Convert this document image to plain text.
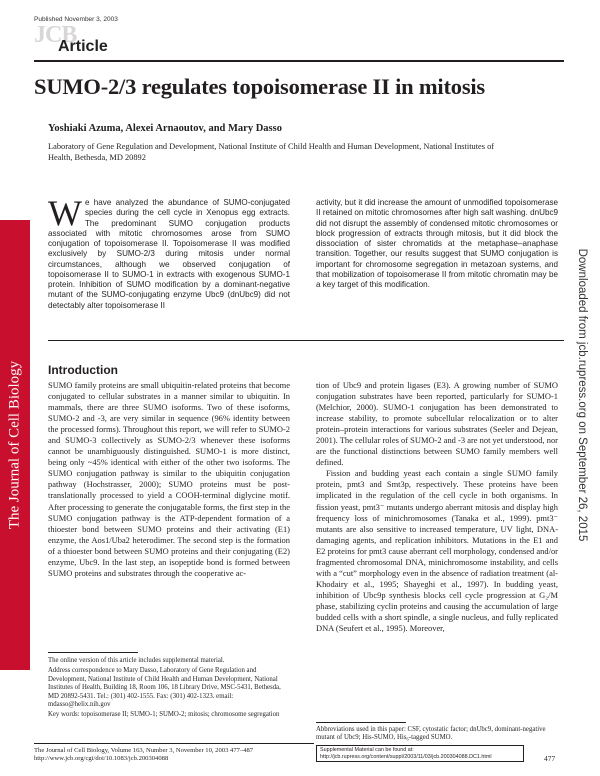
Published November 3, 2003
JCB
Article
SUMO-2/3 regulates topoisomerase II in mitosis
Yoshiaki Azuma, Alexei Arnaoutov, and Mary Dasso
Laboratory of Gene Regulation and Development, National Institute of Child Health and Human Development, National Institutes of Health, Bethesda, MD 20892
The Journal of Cell Biology	Downloaded from jcb.rupress.org on September 26, 2015

We have analyzed the abundance of SUMO-conjugated species during the cell cycle in Xenopus egg extracts. The predominant SUMO conjugation products associated with mitotic chromosomes arose from SUMO conjugation of topoisomerase II. Topoisomerase II was modified exclusively by SUMO-2/3 during mitosis under normal circumstances, although we observed conjugation of topoisomerase II to SUMO-1 in extracts with exogenous SUMO-1 protein. Inhibition of SUMO modification by a dominant-negative mutant of the SUMO-conjugating enzyme Ubc9 (dnUbc9) did not detectably alter topoisomerase II

activity, but it did increase the amount of unmodified topoisomerase II retained on mitotic chromosomes after high salt washing. dnUbc9 did not disrupt the assembly of condensed mitotic chromosomes or block progression of extracts through mitosis, but it did block the dissociation of sister chromatids at the metaphase–anaphase transition. Together, our results suggest that SUMO conjugation is important for chromosome segregation in metazoan systems, and that mobilization of topoisomerase II from mitotic chromatin may be a key target of this modification.

Introduction

SUMO family proteins are small ubiquitin-related proteins that become conjugated to cellular substrates in a manner similar to ubiquitin. In mammals, there are three SUMO isoforms. Two of these isoforms, SUMO-2 and -3, are very similar in sequence (96% identity between the processed forms). Throughout this report, we will refer to SUMO-2 and SUMO-3 collectively as SUMO-2/3 whenever these isoforms cannot be unambiguously distinguished. SUMO-1 is more distinct, being only ~45% identical with either of the other two isoforms. The SUMO conjugation pathway is similar to the ubiquitin conjugation pathway (Hochstrasser, 2000); SUMO proteins must be post-translationally processed to yield a COOH-terminal diglycine motif. After processing to generate the conjugatable forms, the first step in the SUMO conjugation pathway is the ATP-dependent formation of a thioester bond between SUMO proteins and their activating (E1) enzyme, the Aos1/Uba2 heterodimer. The second step is the formation of a thioester bond between SUMO proteins and their conjugating (E2) enzyme, Ubc9. In the last step, an isopeptide bond is formed between SUMO proteins and substrates through the cooperative ac-

tion of Ubc9 and protein ligases (E3). A growing number of SUMO conjugation substrates have been reported, particularly for SUMO-1 (Melchior, 2000). SUMO-1 conjugation has been demonstrated to increase stability, to promote subcellular relocalization or to alter protein–protein interactions for various substrates (Seeler and Dejean, 2001). The cellular roles of SUMO-2 and -3 are not yet understood, nor are the functional distinctions between SUMO family members well defined.

Fission and budding yeast each contain a single SUMO family protein, pmt3 and Smt3p, respectively. These proteins have been implicated in the regulation of the cell cycle in both organisms. In fission yeast, pmt3⁻ mutants undergo aberrant mitosis and display high frequency loss of minichromosomes (Tanaka et al., 1999). pmt3⁻ mutants are also sensitive to increased temperature, UV light, DNA-damaging agents, and replication inhibitors. Mutations in the E1 and E2 proteins for pmt3 cause aberrant cell morphology, condensed and/or fragmented chromosomal DNA, minichromosome instability, and cells with a “cut” morphology even in the absence of radiation treatment (al-Khodairy et al., 1995; Shayeghi et al., 1997). In budding yeast, inhibition of Ubc9p synthesis blocks cell cycle progression at G₂/M phase, stabilizing cyclin proteins and causing the accumulation of large budded cells with a short spindle, a single nucleus, and fully replicated DNA (Seufert et al., 1995). Moreover,

The online version of this article includes supplemental material.

Address correspondence to Mary Dasso, Laboratory of Gene Regulation and Development, National Institute of Child Health and Human Development, National Institutes of Health, Building 18, Room 106, 18 Library Drive, MSC-5431, Bethesda, MD 20892-5431. Tel.: (301) 402-1555. Fax: (301) 402-1323. email: mdasso@helix.nih.gov

Key words: topoisomerase II; SUMO-1; SUMO-2; mitosis; chromosome segregation

Abbreviations used in this paper: CSF, cytostatic factor; dnUbc9, dominant-negative mutant of Ubc9; His-SUMO, His₆-tagged SUMO.

Supplemental Material can be found at:
http://jcb.rupress.org/content/suppl/2003/11/03/jcb.200304088.DC1.html
The Journal of Cell Biology, Volume 163, Number 3, November 10, 2003 477–487
http://www.jcb.org/cgi/doi/10.1083/jcb.200304088	477
